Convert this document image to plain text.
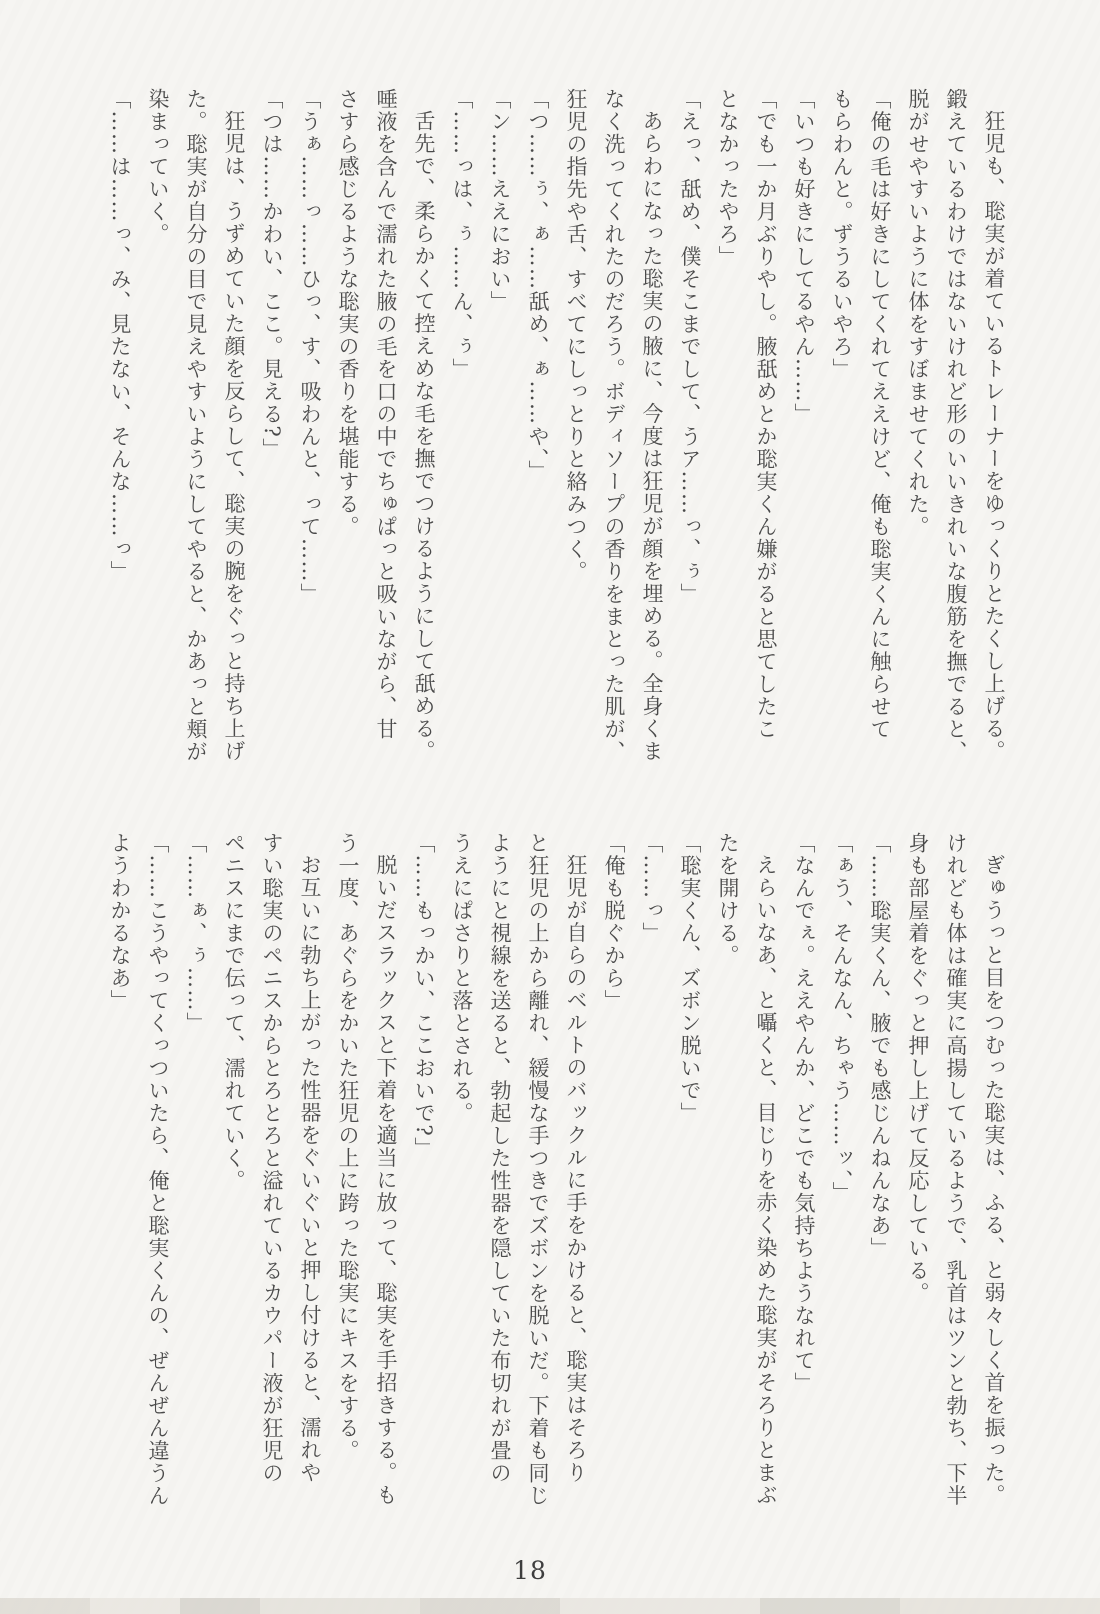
狂児も、聡実が着ているトレーナーをゆっくりとたくし上げる。
鍛えているわけではないけれど形のいいきれいな腹筋を撫でると、
脱がせやすいように体をすぼませてくれた。
「俺の毛は好きにしてくれてええけど、俺も聡実くんに触らせて
もらわんと。ずうるいやろ」
「いつも好きにしてるやん……」
「でも一か月ぶりやし。腋舐めとか聡実くん嫌がると思てしたこ
となかったやろ」
「えっ、舐め、僕そこまでして、うア……っ、ぅ」
あらわになった聡実の腋に、今度は狂児が顔を埋める。全身くま
なく洗ってくれたのだろう。ボディソープの香りをまとった肌が、
狂児の指先や舌、すべてにしっとりと絡みつく。
「つ……ぅ、ぁ……舐め、ぁ……や、」
「ン……ええにおい」
「……っは、ぅ……ん、ぅ」
舌先で、柔らかくて控えめな毛を撫でつけるようにして舐める。
唾液を含んで濡れた腋の毛を口の中でちゅぱっと吸いながら、甘
さすら感じるような聡実の香りを堪能する。
「うぁ……っ……ひっ、す、吸わんと、って……」
「つは……かわい、ここ。見える?」
狂児は、うずめていた顔を反らして、聡実の腕をぐっと持ち上げ
た。聡実が自分の目で見えやすいようにしてやると、かあっと頬が
染まっていく。
「……は……っ、み、見たない、そんな……っ」
ぎゅうっと目をつむった聡実は、ふる、と弱々しく首を振った。
けれども体は確実に高揚しているようで、乳首はツンと勃ち、下半
身も部屋着をぐっと押し上げて反応している。
「……聡実くん、腋でも感じんねんなあ」
「ぁう、そんなん、ちゃう……ッ、」
「なんでぇ。ええやんか、どこでも気持ちようなれて」
えらいなあ、と囁くと、目じりを赤く染めた聡実がそろりとまぶ
たを開ける。
「聡実くん、ズボン脱いで」
「……っ」
「俺も脱ぐから」
狂児が自らのベルトのバックルに手をかけると、聡実はそろり
と狂児の上から離れ、緩慢な手つきでズボンを脱いだ。下着も同じ
ようにと視線を送ると、勃起した性器を隠していた布切れが畳の
うえにぱさりと落とされる。
「……もっかい、ここおいで?」
脱いだスラックスと下着を適当に放って、聡実を手招きする。も
う一度、あぐらをかいた狂児の上に跨った聡実にキスをする。
お互いに勃ち上がった性器をぐいぐいと押し付けると、濡れや
すい聡実のペニスからとろとろと溢れているカウパー液が狂児の
ペニスにまで伝って、濡れていく。
「……ぁ、ぅ……」
「……こうやってくっついたら、俺と聡実くんの、ぜんぜん違うん
ようわかるなあ」
18
